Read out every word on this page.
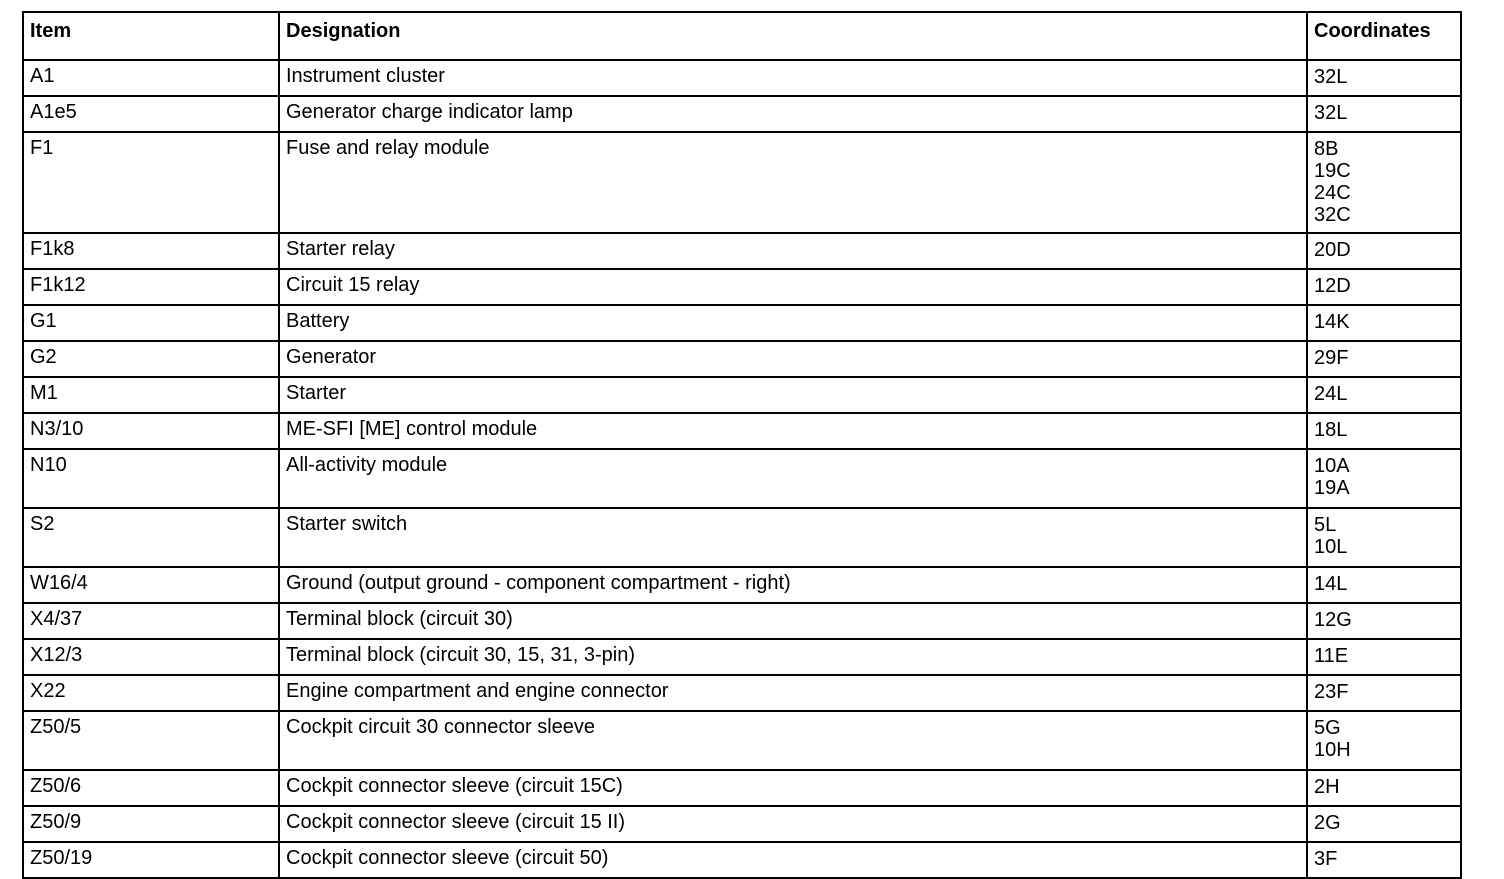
Item	Designation	Coordinates
A1	Instrument cluster	32L

A1e5	Generator charge indicator lamp	32L

F1	Fuse and relay module	8B
19C
24C
32C

F1k8	Starter relay	20D

F1k12	Circuit 15 relay	12D

G1	Battery	14K

G2	Generator	29F

M1	Starter	24L

N3/10	ME-SFI [ME] control module	18L

N10	All-activity module	10A
19A

S2	Starter switch	5L
10L

W16/4	Ground (output ground - component compartment - right)	14L

X4/37	Terminal block (circuit 30)	12G

X12/3	Terminal block (circuit 30, 15, 31, 3-pin)	11E

X22	Engine compartment and engine connector	23F

Z50/5	Cockpit circuit 30 connector sleeve	5G
10H

Z50/6	Cockpit connector sleeve (circuit 15C)	2H

Z50/9	Cockpit connector sleeve (circuit 15 II)	2G

Z50/19	Cockpit connector sleeve (circuit 50)	3F
